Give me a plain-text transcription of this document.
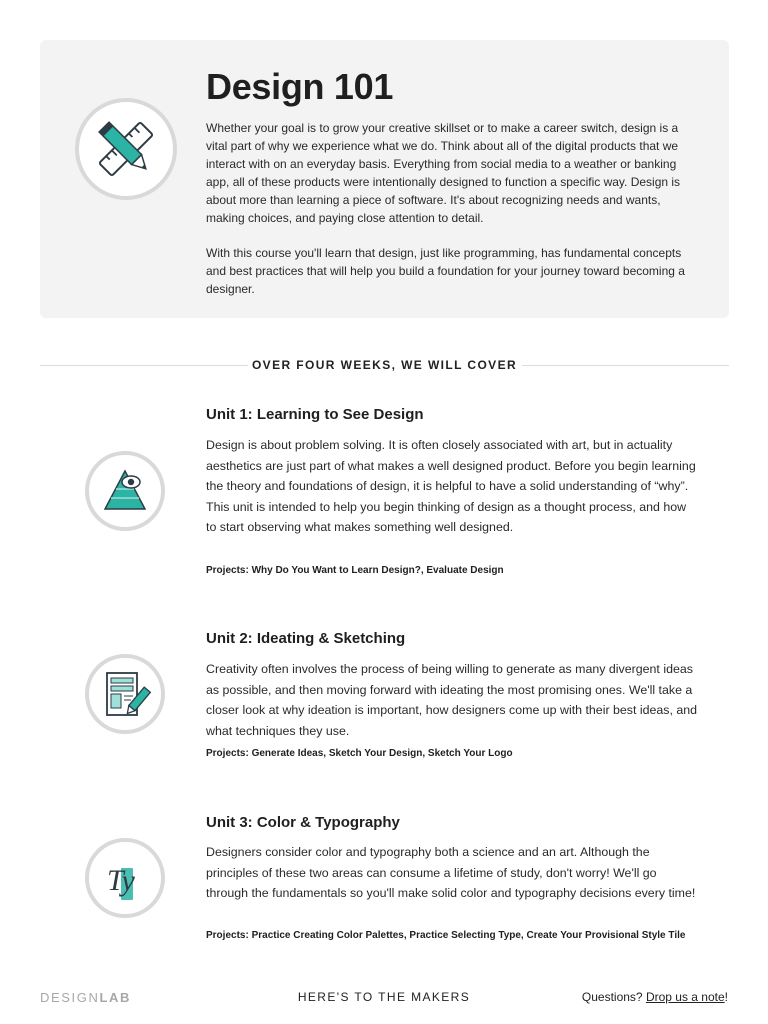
Design 101

Whether your goal is to grow your creative skillset or to make a career switch, design is a vital part of why we experience what we do. Think about all of the digital products that we interact with on an everyday basis. Everything from social media to a weather or banking app, all of these products were intentionally designed to function a specific way. Design is about more than learning a piece of software. It's about recognizing needs and wants, making choices, and paying close attention to detail.

With this course you'll learn that design, just like programming, has fundamental concepts and best practices that will help you build a foundation for your journey toward becoming a designer.

OVER FOUR WEEKS, WE WILL COVER
Unit 1: Learning to See Design

Design is about problem solving. It is often closely associated with art, but in actuality aesthetics are just part of what makes a well designed product. Before you begin learning the theory and foundations of design, it is helpful to have a solid understanding of “why”. This unit is intended to help you begin thinking of design as a thought process, and how to start observing what makes something well designed.

Projects: Why Do You Want to Learn Design?, Evaluate Design

Unit 2: Ideating & Sketching

Creativity often involves the process of being willing to generate as many divergent ideas as possible, and then moving forward with ideating the most promising ones. We'll take a closer look at why ideation is important, how designers come up with their best ideas, and what techniques they use.

Projects: Generate Ideas, Sketch Your Design, Sketch Your Logo

Ty
Unit 3: Color & Typography

Designers consider color and typography both a science and an art. Although the principles of these two areas can consume a lifetime of study, don't worry! We'll go through the fundamentals so you'll make solid color and typography decisions every time!

Projects: Practice Creating Color Palettes, Practice Selecting Type, Create Your Provisional Style Tile

DESIGNLAB	HERE'S TO THE MAKERS	Questions? Drop us a note!
